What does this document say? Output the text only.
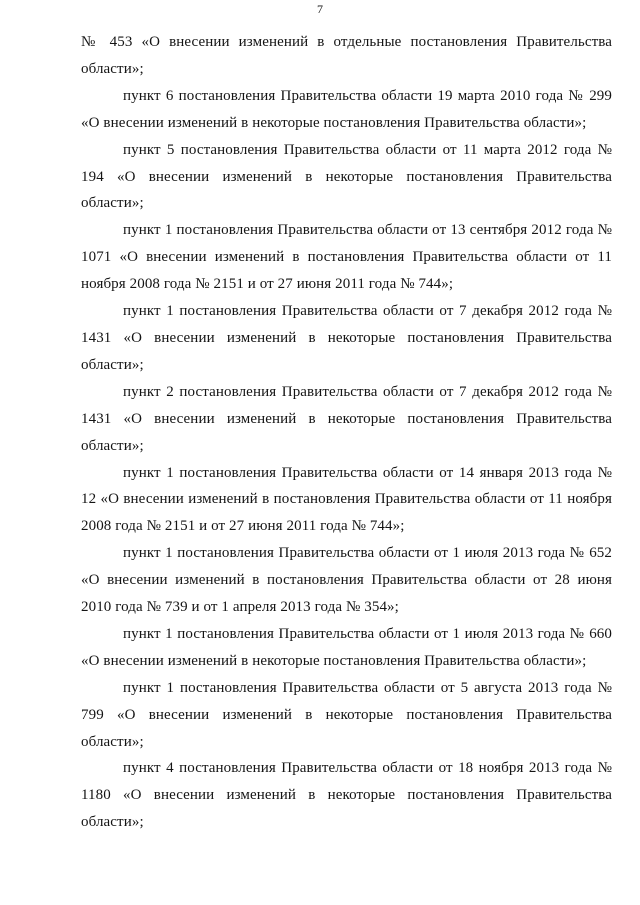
7

№ 453 «О внесении изменений в отдельные постановления Правительства области»;

пункт 6 постановления Правительства области 19 марта 2010 года № 299 «О внесении изменений в некоторые постановления Правительства области»;

пункт 5 постановления Правительства области от 11 марта 2012 года № 194 «О внесении изменений в некоторые постановления Правительства области»;

пункт 1 постановления Правительства области от 13 сентября 2012 года № 1071 «О внесении изменений в постановления Правительства области от 11 ноября 2008 года № 2151 и от 27 июня 2011 года № 744»;

пункт 1 постановления Правительства области от 7 декабря 2012 года № 1431 «О внесении изменений в некоторые постановления Правительства области»;

пункт 2 постановления Правительства области от 7 декабря 2012 года № 1431 «О внесении изменений в некоторые постановления Правительства области»;

пункт 1 постановления Правительства области от 14 января 2013 года № 12 «О внесении изменений в постановления Правительства области от 11 ноября 2008 года № 2151 и от 27 июня 2011 года № 744»;

пункт 1 постановления Правительства области от 1 июля 2013 года № 652 «О внесении изменений в постановления Правительства области от 28 июня 2010 года № 739 и от 1 апреля 2013 года № 354»;

пункт 1 постановления Правительства области от 1 июля 2013 года № 660 «О внесении изменений в некоторые постановления Правительства области»;

пункт 1 постановления Правительства области от 5 августа 2013 года № 799 «О внесении изменений в некоторые постановления Правительства области»;

пункт 4 постановления Правительства области от 18 ноября 2013 года № 1180 «О внесении изменений в некоторые постановления Правительства области»;
